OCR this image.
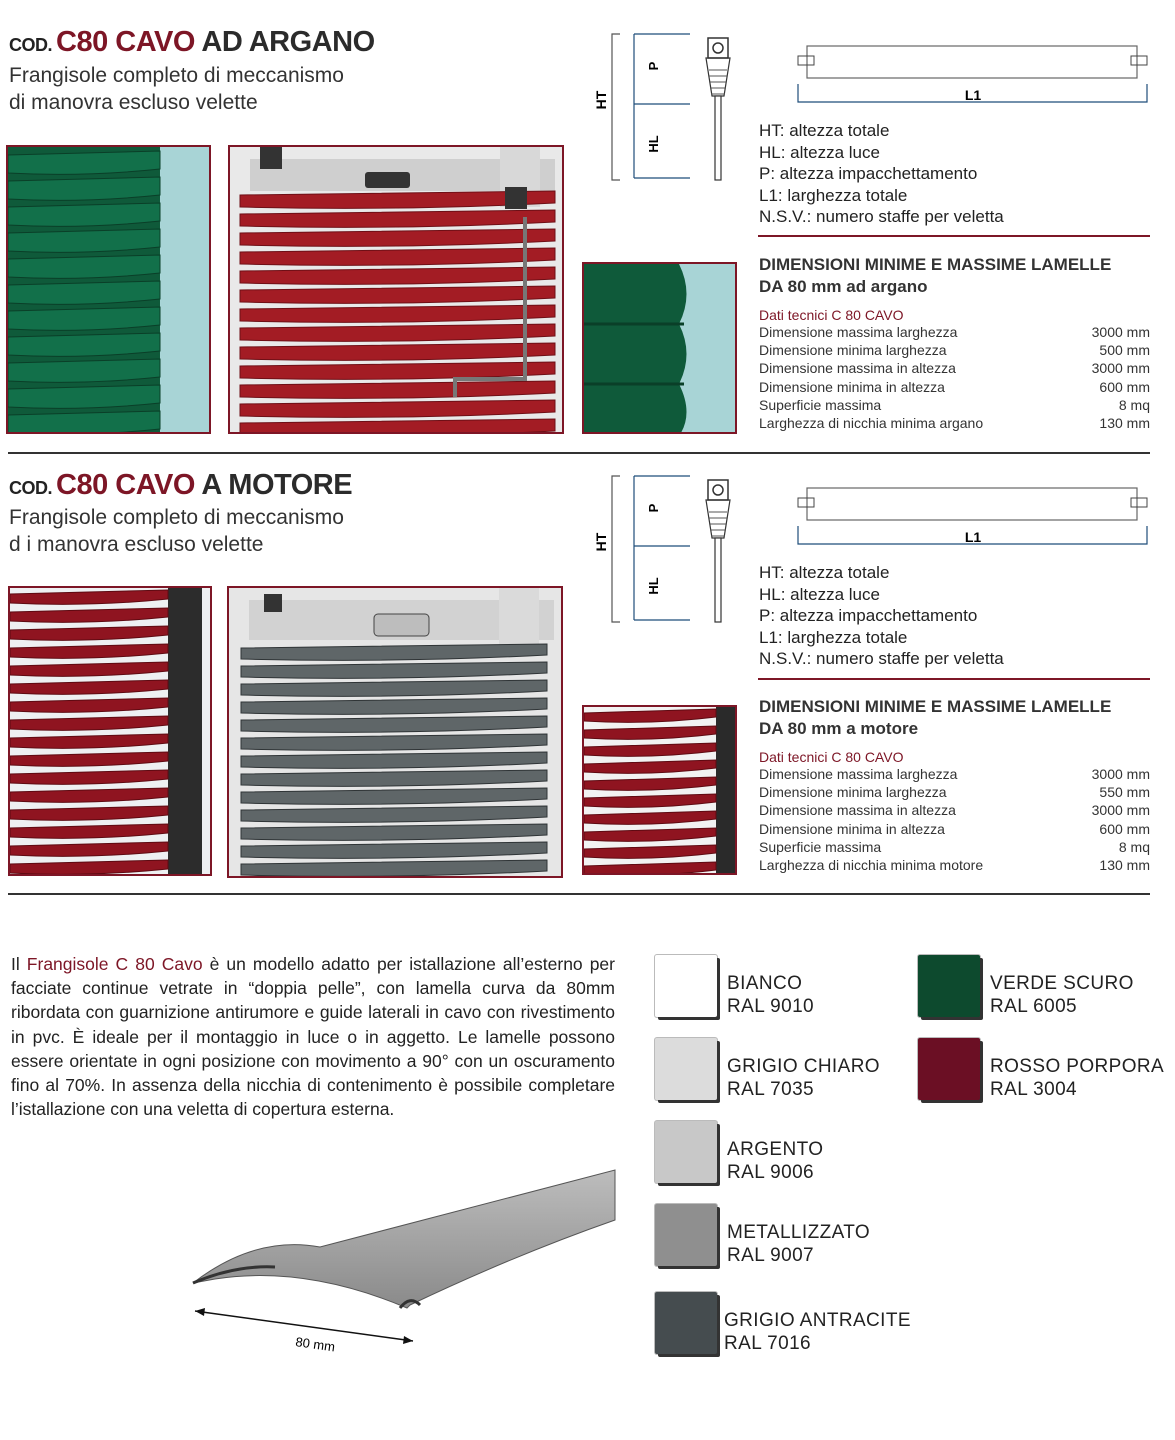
COD. C80 CAVO AD ARGANO
Frangisole completo di meccanismo
di manovra escluso velette	HT
P
HL
L1
HT: altezza totale
HL: altezza luce
P: altezza impacchettamento
L1: larghezza totale
N.S.V.: numero staffe per veletta
DIMENSIONI MINIME E MASSIME LAMELLE
DA 80 mm ad argano
Dati tecnici C 80 CAVO
Dimensione massima larghezza	3000 mm
Dimensione minima larghezza	500 mm
Dimensione massima in altezza	3000 mm
Dimensione minima in altezza	600 mm
Superficie massima	8 mq
Larghezza di nicchia minima argano	130 mm
COD. C80 CAVO A MOTORE
Frangisole completo di meccanismo
d i manovra escluso velette	HT
P
HL
L1
HT: altezza totale
HL: altezza luce
P: altezza impacchettamento
L1: larghezza totale
N.S.V.: numero staffe per veletta
DIMENSIONI MINIME E MASSIME LAMELLE
DA 80 mm a motore
Dati tecnici C 80 CAVO
Dimensione massima larghezza	3000 mm
Dimensione minima larghezza	550 mm
Dimensione massima in altezza	3000 mm
Dimensione minima in altezza	600 mm
Superficie massima	8 mq
Larghezza di nicchia minima motore	130 mm
Il Frangisole C 80 Cavo è un modello adatto per istallazione all’esterno per facciate continue vetrate in “doppia pelle”, con lamella curva da 80mm ribordata con guarnizione antirumore e guide laterali in cavo con rivestimento in pvc. È ideale per il montaggio in luce o in aggetto. Le lamelle possono essere orientate in ogni posizione con movimento a 90° con un oscuramento fino al 70%. In assenza della nicchia di contenimento è possibile completare l’istallazione con una veletta di copertura esterna.
80 mm
BIANCO
RAL 9010
GRIGIO CHIARO
RAL 7035
ARGENTO
RAL 9006
METALLIZZATO
RAL 9007
GRIGIO ANTRACITE
RAL 7016
VERDE SCURO
RAL 6005
ROSSO PORPORA
RAL 3004
